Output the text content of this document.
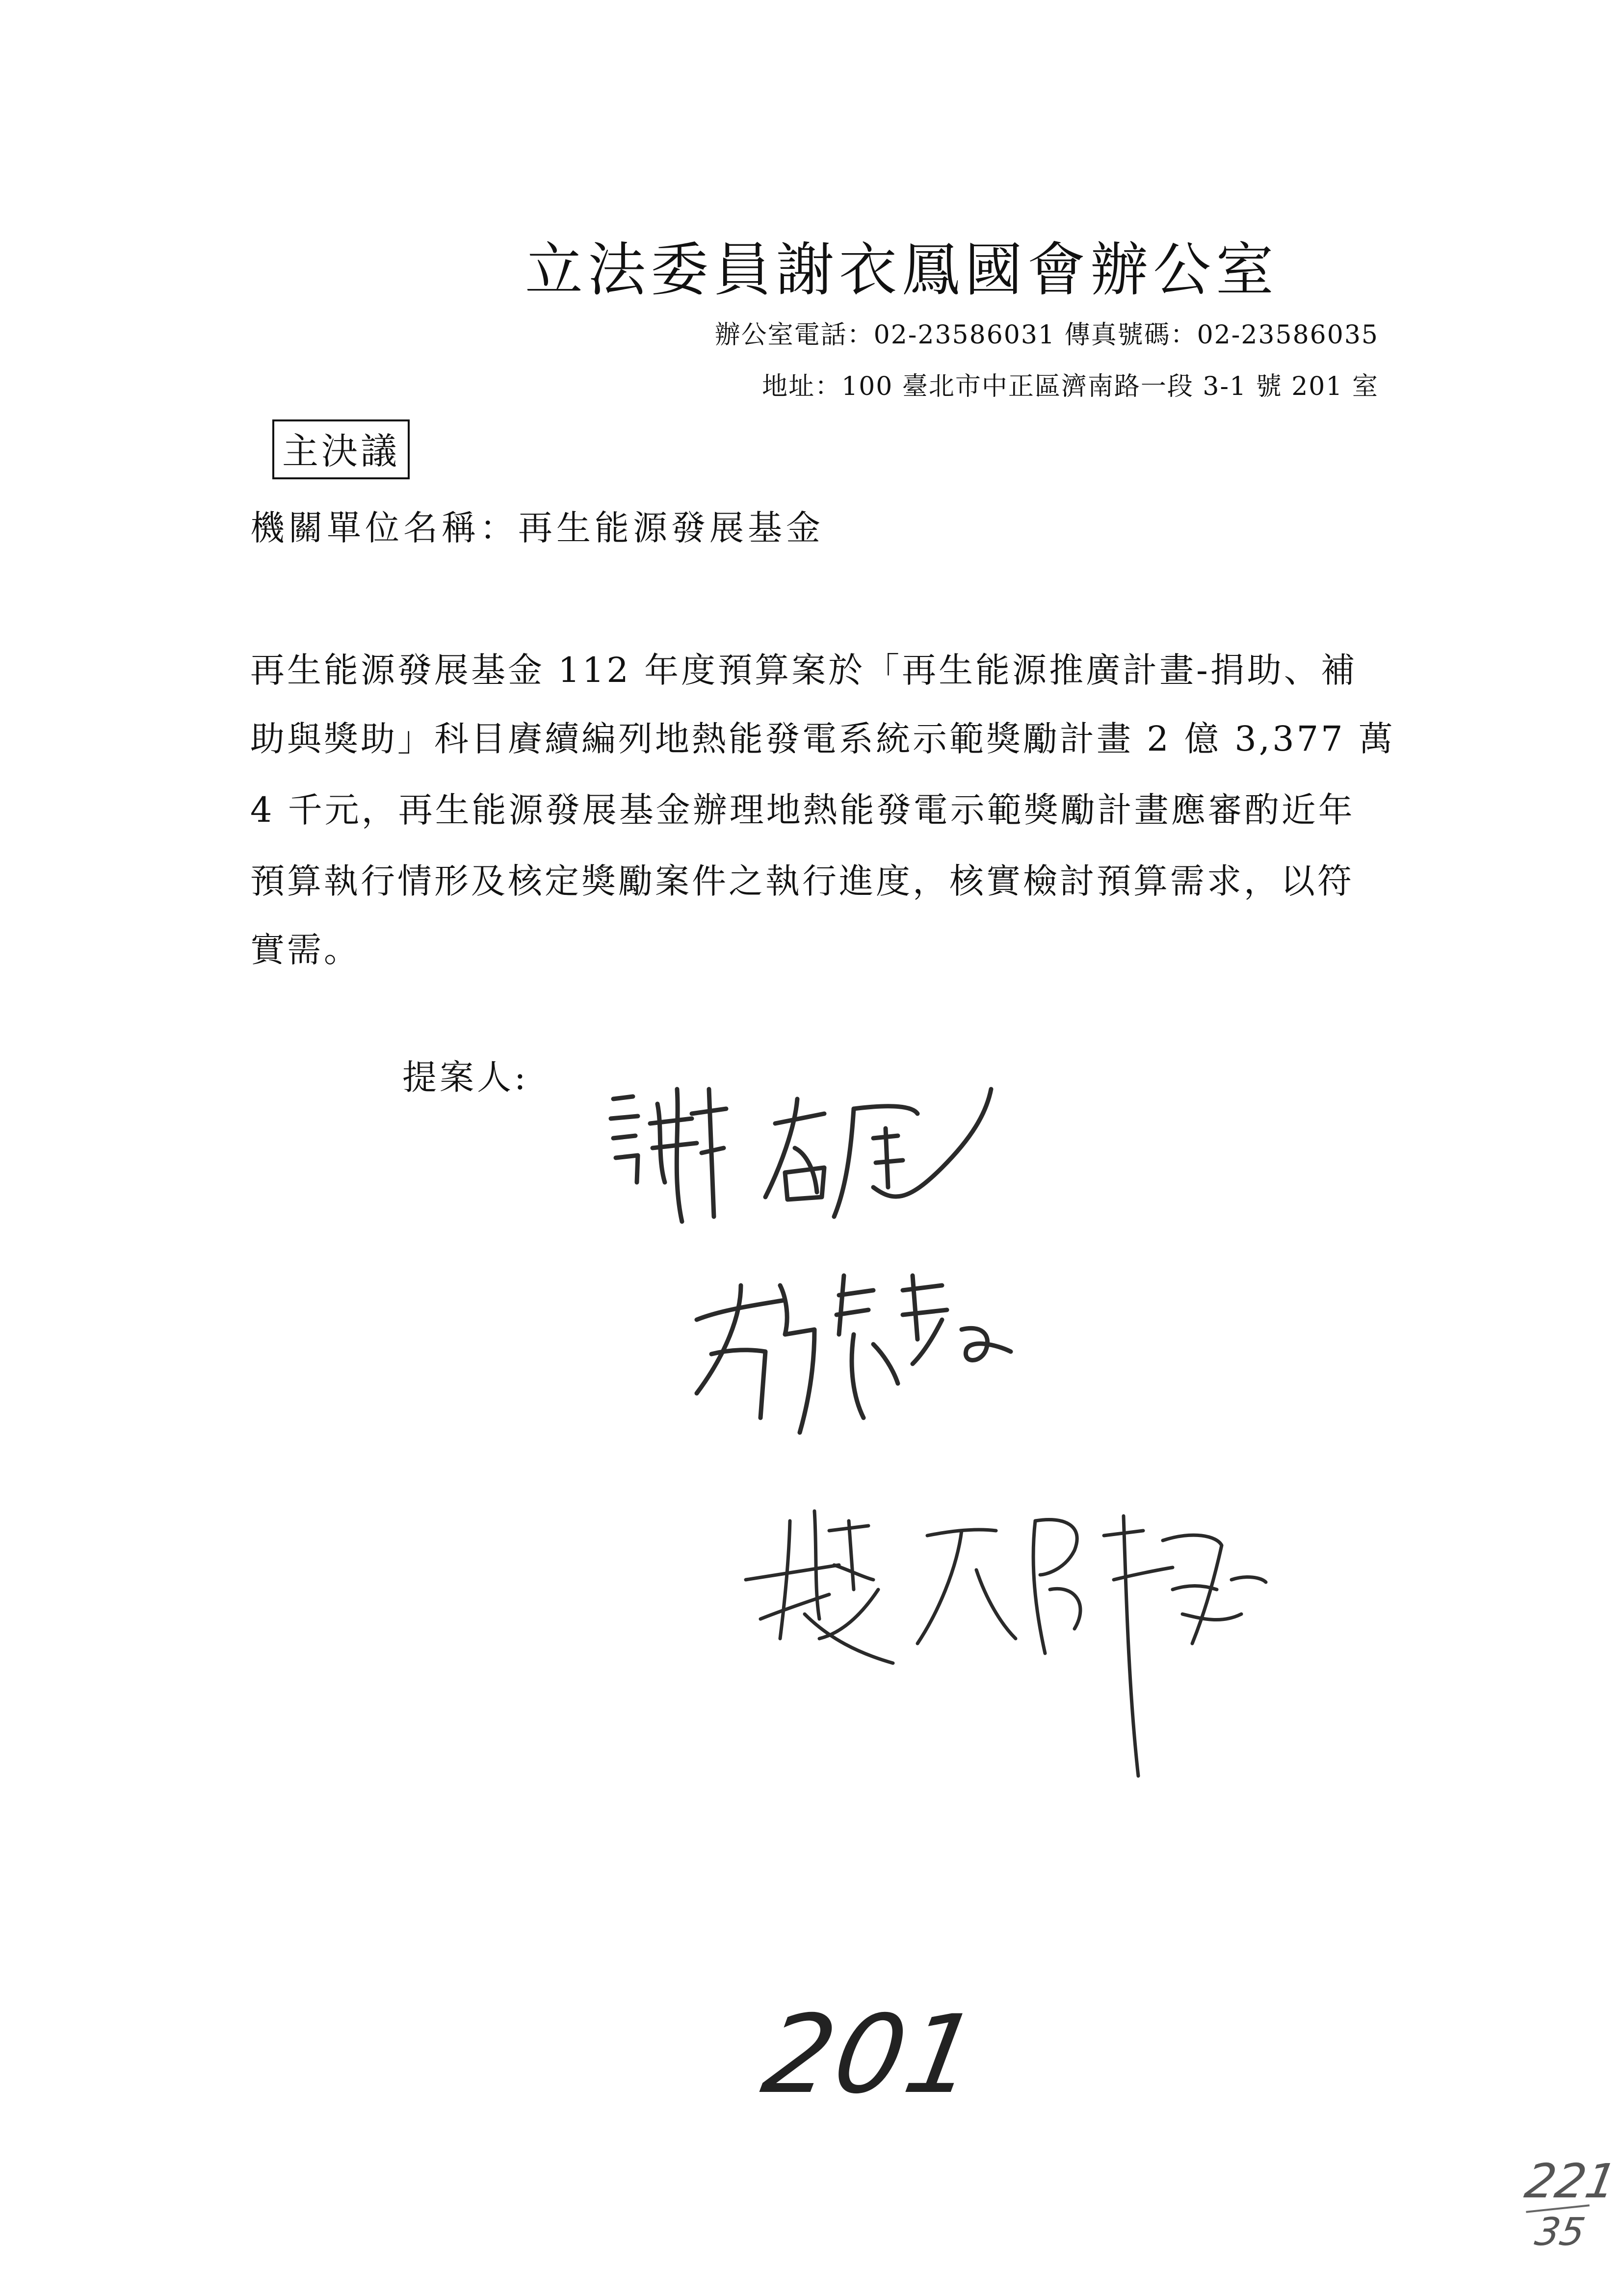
立法委員謝衣鳳國會辦公室
辦公室電話：02-23586031 傳真號碼：02-23586035
地址：100 臺北市中正區濟南路一段 3-1 號 201 室
主決議
機關單位名稱：再生能源發展基金
再生能源發展基金 112 年度預算案於「再生能源推廣計畫-捐助、補
助與獎助」科目賡續編列地熱能發電系統示範獎勵計畫 2 億 3,377 萬
4 千元，再生能源發展基金辦理地熱能發電示範獎勵計畫應審酌近年
預算執行情形及核定獎勵案件之執行進度，核實檢討預算需求，以符
實需。
提案人:
201
221
35
